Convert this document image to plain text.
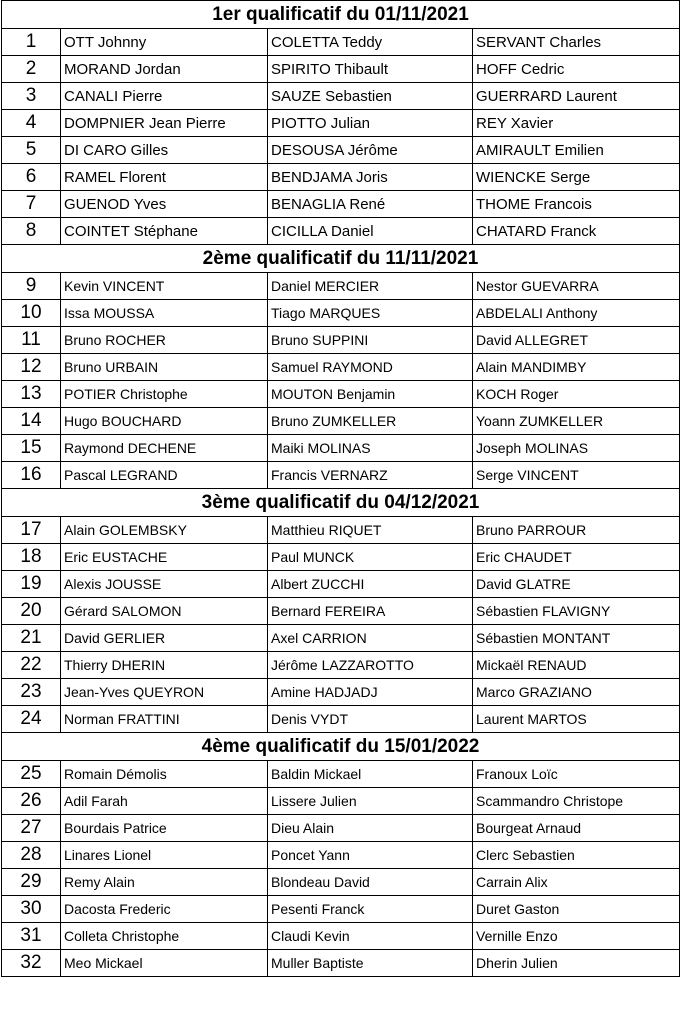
1er qualificatif du 01/11/2021			
1	OTT Johnny	COLETTA Teddy	SERVANT Charles
2	MORAND Jordan	SPIRITO Thibault	HOFF Cedric
3	CANALI Pierre	SAUZE Sebastien	GUERRARD Laurent
4	DOMPNIER Jean Pierre	PIOTTO Julian	REY Xavier
5	DI CARO Gilles	DESOUSA Jérôme	AMIRAULT Emilien
6	RAMEL Florent	BENDJAMA Joris	WIENCKE Serge
7	GUENOD Yves	BENAGLIA René	THOME Francois
8	COINTET Stéphane	CICILLA Daniel	CHATARD Franck
2ème qualificatif du 11/11/2021			
9	Kevin VINCENT	Daniel MERCIER	Nestor GUEVARRA
10	Issa MOUSSA	Tiago MARQUES	ABDELALI Anthony
11	Bruno ROCHER	Bruno SUPPINI	David ALLEGRET
12	Bruno URBAIN	Samuel RAYMOND	Alain MANDIMBY
13	POTIER Christophe	MOUTON Benjamin	KOCH Roger
14	Hugo BOUCHARD	Bruno ZUMKELLER	Yoann ZUMKELLER
15	Raymond DECHENE	Maiki MOLINAS	Joseph MOLINAS
16	Pascal LEGRAND	Francis VERNARZ	Serge VINCENT
3ème qualificatif du 04/12/2021			
17	Alain GOLEMBSKY	Matthieu RIQUET	Bruno PARROUR
18	Eric EUSTACHE	Paul MUNCK	Eric CHAUDET
19	Alexis JOUSSE	Albert ZUCCHI	David GLATRE
20	Gérard SALOMON	Bernard FEREIRA	Sébastien FLAVIGNY
21	David GERLIER	Axel CARRION	Sébastien MONTANT
22	Thierry DHERIN	Jérôme LAZZAROTTO	Mickaël RENAUD
23	Jean-Yves QUEYRON	Amine HADJADJ	Marco GRAZIANO
24	Norman FRATTINI	Denis VYDT	Laurent MARTOS
4ème qualificatif du 15/01/2022			
25	Romain Démolis	Baldin Mickael	Franoux Loïc
26	Adil Farah	Lissere Julien	Scammandro Christope
27	Bourdais Patrice	Dieu Alain	Bourgeat Arnaud
28	Linares Lionel	Poncet Yann	Clerc Sebastien
29	Remy Alain	Blondeau David	Carrain Alix
30	Dacosta Frederic	Pesenti Franck	Duret Gaston
31	Colleta Christophe	Claudi Kevin	Vernille Enzo
32	Meo Mickael	Muller Baptiste	Dherin Julien
